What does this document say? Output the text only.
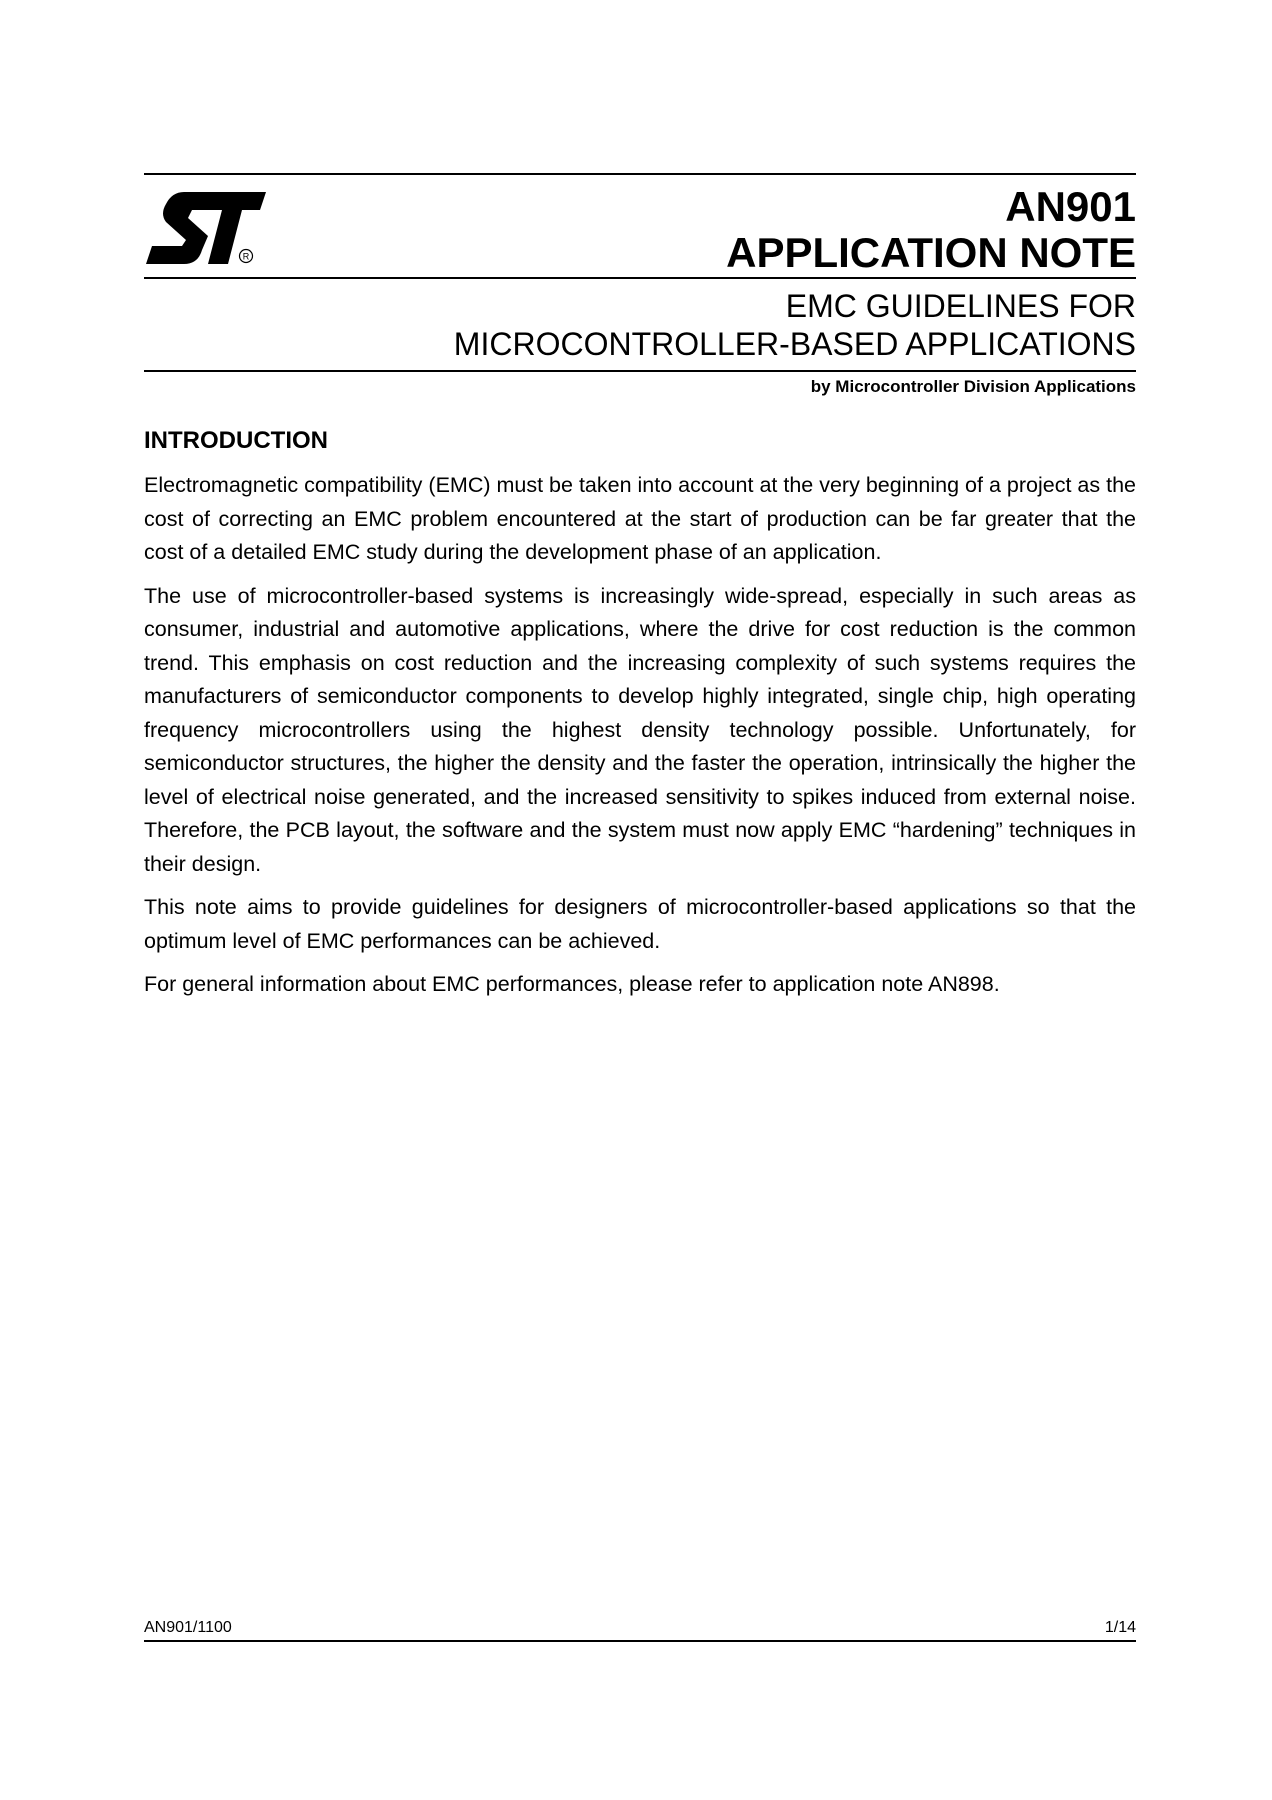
R
AN901
APPLICATION NOTE
EMC GUIDELINES FOR
MICROCONTROLLER-BASED APPLICATIONS
by Microcontroller Division Applications
INTRODUCTION

Electromagnetic compatibility (EMC) must be taken into account at the very beginning of a project as the cost of correcting an EMC problem encountered at the start of production can be far greater that the cost of a detailed EMC study during the development phase of an application.

The use of microcontroller-based systems is increasingly wide-spread, especially in such areas as consumer, industrial and automotive applications, where the drive for cost reduction is the common trend. This emphasis on cost reduction and the increasing complexity of such systems requires the manufacturers of semiconductor components to develop highly integrated, single chip, high operating frequency microcontrollers using the highest density technology possible. Unfortunately, for semiconductor structures, the higher the density and the faster the operation, intrinsically the higher the level of electrical noise generated, and the increased sensitivity to spikes induced from external noise. Therefore, the PCB layout, the software and the system must now apply EMC “hardening” techniques in their design.

This note aims to provide guidelines for designers of microcontroller-based applications so that the optimum level of EMC performances can be achieved.

For general information about EMC performances, please refer to application note AN898.

AN901/1100	1/14
